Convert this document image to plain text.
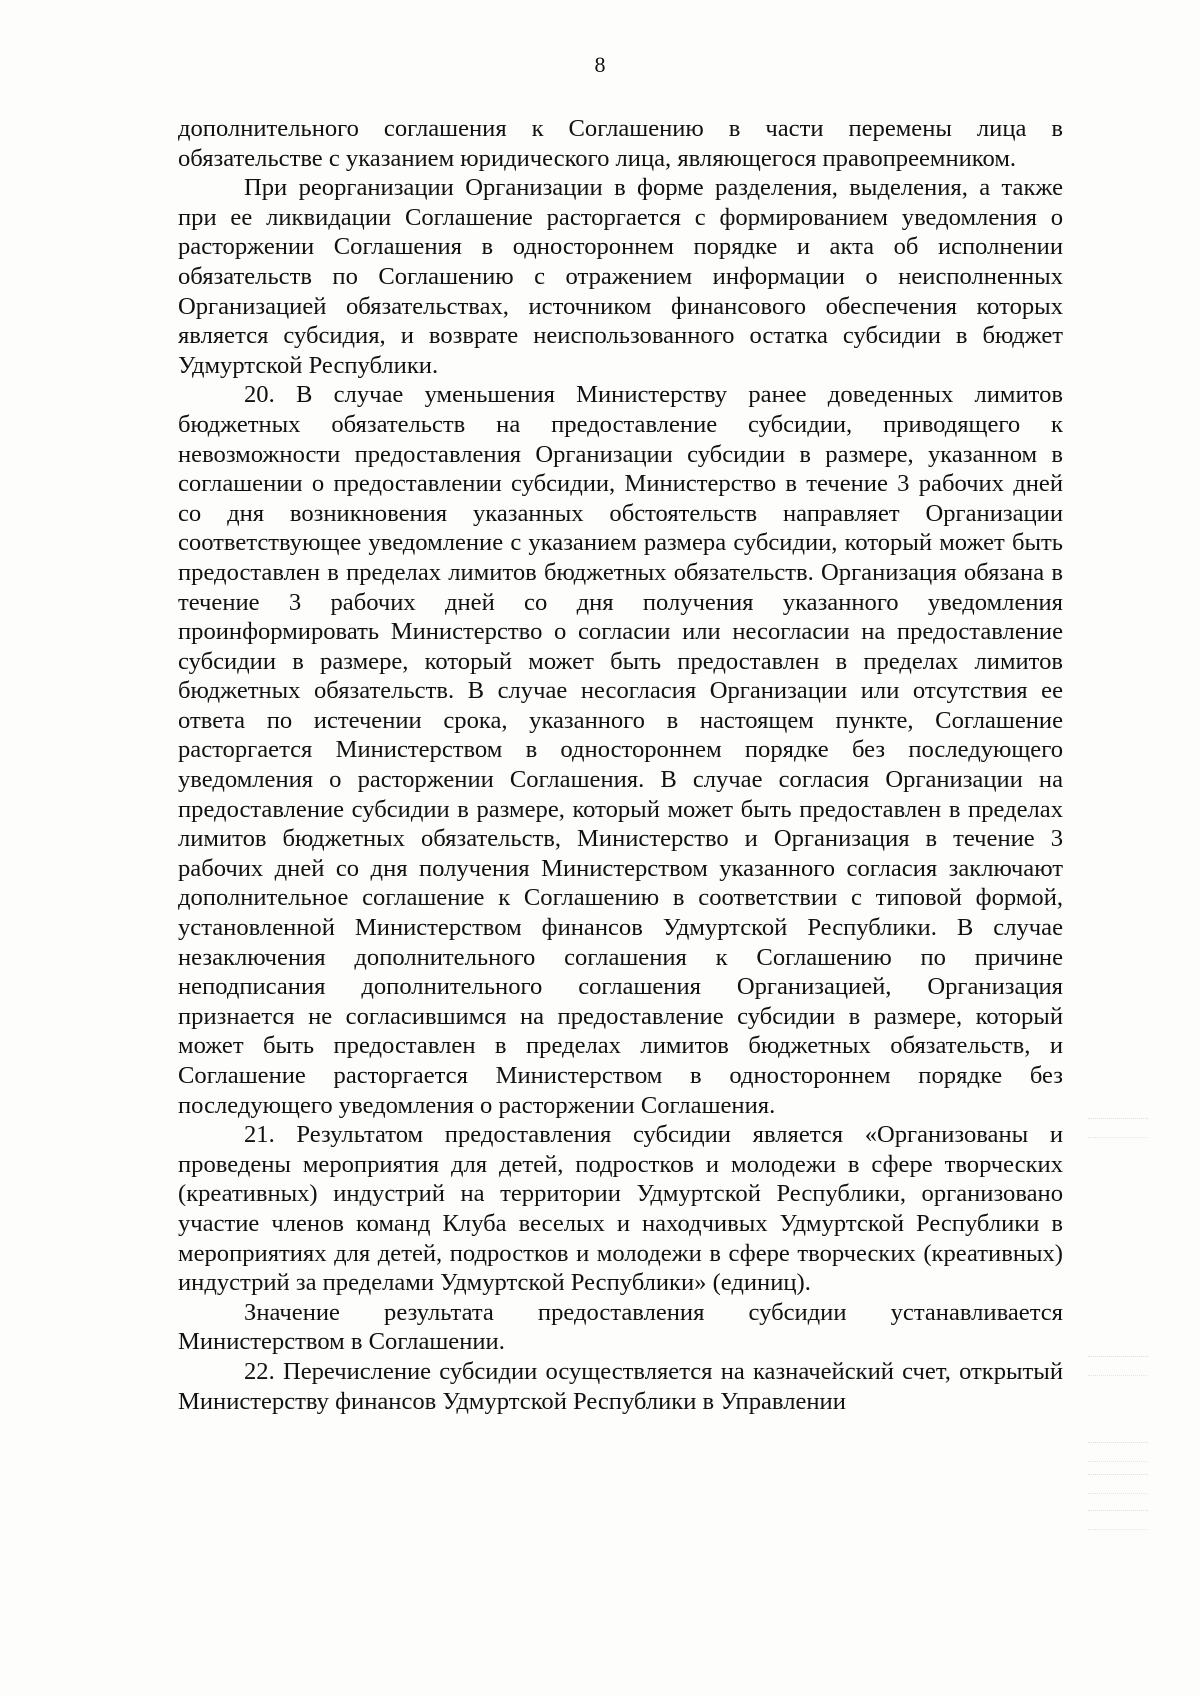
8

дополнительного соглашения к Соглашению в части перемены лица в обязательстве с указанием юридического лица, являющегося правопреемником.

При реорганизации Организации в форме разделения, выделения, а также при ее ликвидации Соглашение расторгается с формированием уведомления о расторжении Соглашения в одностороннем порядке и акта об исполнении обязательств по Соглашению с отражением информации о неисполненных Организацией обязательствах, источником финансового обеспечения которых является субсидия, и возврате неиспользованного остатка субсидии в бюджет Удмуртской Республики.

20. В случае уменьшения Министерству ранее доведенных лимитов бюджетных обязательств на предоставление субсидии, приводящего к невозможности предоставления Организации субсидии в размере, указанном в соглашении о предоставлении субсидии, Министерство в течение 3 рабочих дней со дня возникновения указанных обстоятельств направляет Организации соответствующее уведомление с указанием размера субсидии, который может быть предоставлен в пределах лимитов бюджетных обязательств. Организация обязана в течение 3 рабочих дней со дня получения указанного уведомления проинформировать Министерство о согласии или несогласии на предоставление субсидии в размере, который может быть предоставлен в пределах лимитов бюджетных обязательств. В случае несогласия Организации или отсутствия ее ответа по истечении срока, указанного в настоящем пункте, Соглашение расторгается Министерством в одностороннем порядке без последующего уведомления о расторжении Соглашения. В случае согласия Организации на предоставление субсидии в размере, который может быть предоставлен в пределах лимитов бюджетных обязательств, Министерство и Организация в течение 3 рабочих дней со дня получения Министерством указанного согласия заключают дополнительное соглашение к Соглашению в соответствии с типовой формой, установленной Министерством финансов Удмуртской Республики. В случае незаключения дополнительного соглашения к Соглашению по причине неподписания дополнительного соглашения Организацией, Организация признается не согласившимся на предоставление субсидии в размере, который может быть предоставлен в пределах лимитов бюджетных обязательств, и Соглашение расторгается Министерством в одностороннем порядке без последующего уведомления о расторжении Соглашения.

21. Результатом предоставления субсидии является «Организованы и проведены мероприятия для детей, подростков и молодежи в сфере творческих (креативных) индустрий на территории Удмуртской Республики, организовано участие членов команд Клуба веселых и находчивых Удмуртской Республики в мероприятиях для детей, подростков и молодежи в сфере творческих (креативных) индустрий за пределами Удмуртской Республики» (единиц).

Значение результата предоставления субсидии устанавливается Министерством в Соглашении.

22. Перечисление субсидии осуществляется на казначейский счет, открытый Министерству финансов Удмуртской Республики в Управлении
